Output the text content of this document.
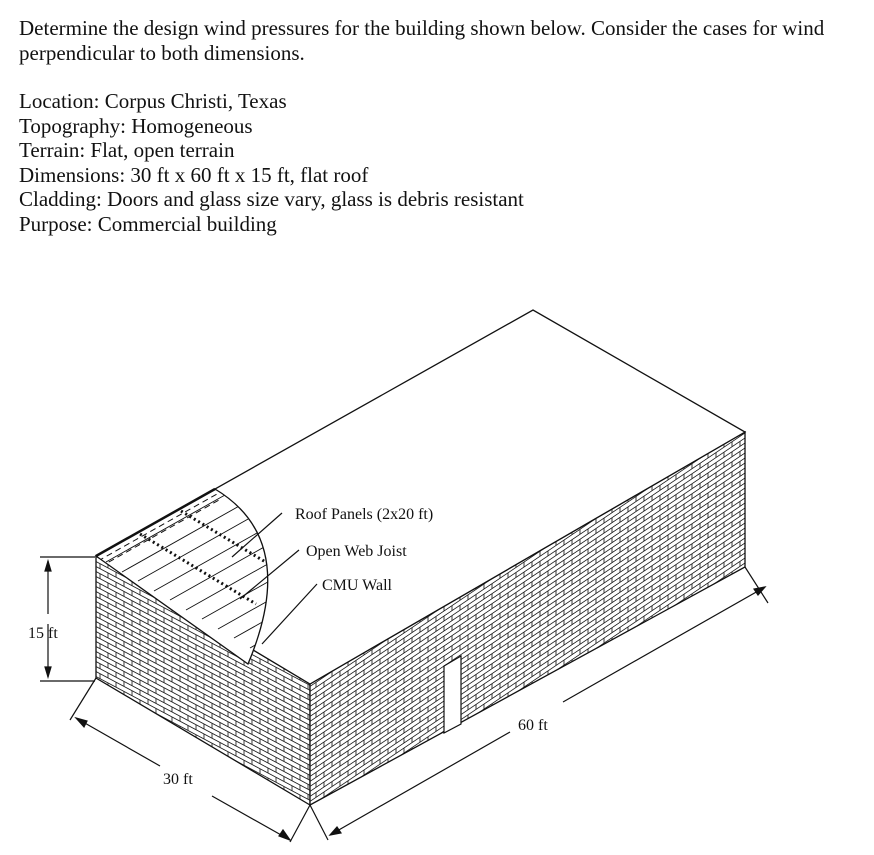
Determine the design wind pressures for the building shown below. Consider the cases for wind perpendicular to both dimensions.

Location: Corpus Christi, Texas

Topography: Homogeneous

Terrain: Flat, open terrain

Dimensions: 30 ft x 60 ft x 15 ft, flat roof

Cladding: Doors and glass size vary, glass is debris resistant

Purpose: Commercial building

Roof Panels (2x20 ft)
Open Web Joist
CMU Wall
15 ft
30 ft
60 ft
